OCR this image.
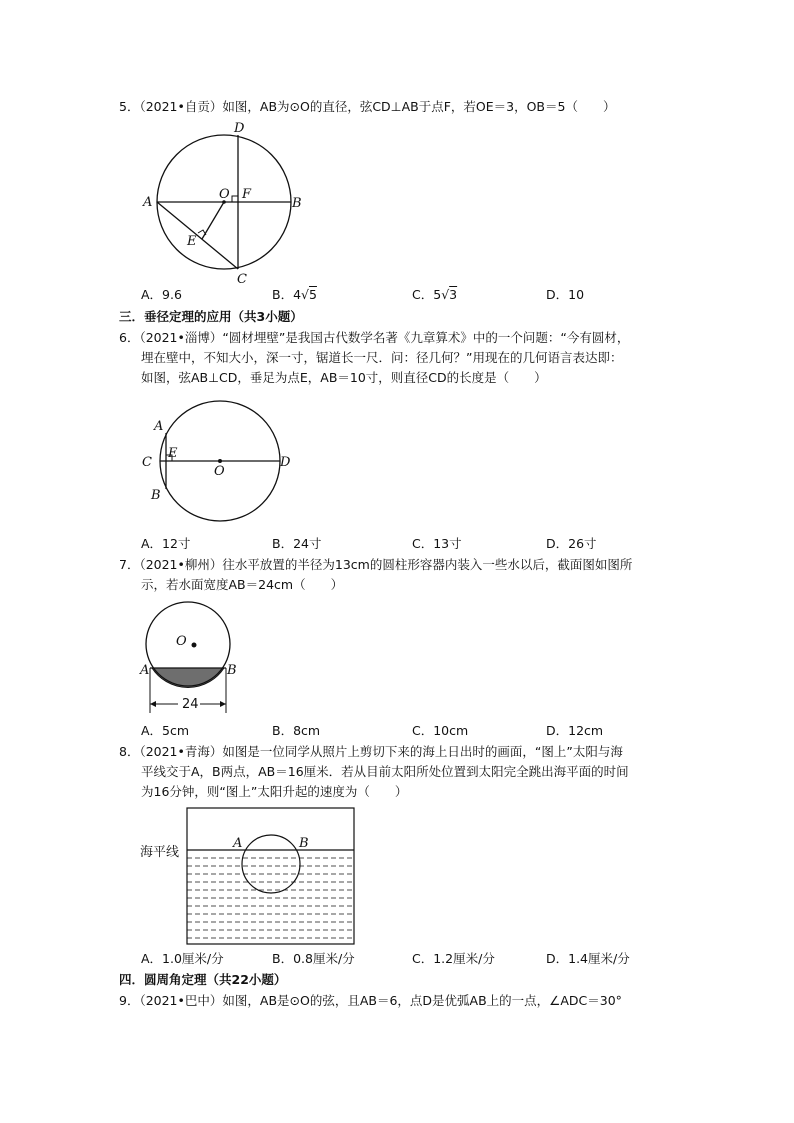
5．（2021•自贡）如图，AB为⊙O的直径，弦CD⊥AB于点F，若OE＝3，OB＝5（　　）
D
A	B
C
O F
E
A．9.6	B．4√5	C．5√3	D．10
三．垂径定理的应用（共3小题）
6．（2021•淄博）“圆材埋壁”是我国古代数学名著《九章算术》中的一个问题：“今有圆材，
埋在壁中，不知大小，深一寸，锯道长一尺．问：径几何？”用现在的几何语言表达即：
如图，弦AB⊥CD，垂足为点E，AB＝10寸，则直径CD的长度是（　　）
A
E
C	D
O
B
A．12寸	B．24寸	C．13寸	D．26寸
7．（2021•柳州）往水平放置的半径为13cm的圆柱形容器内装入一些水以后，截面图如图所
示，若水面宽度AB＝24cm（　　）
O
A	B
24
A．5cm	B．8cm	C．10cm	D．12cm
8．（2021•青海）如图是一位同学从照片上剪切下来的海上日出时的画面，“图上”太阳与海
平线交于A，B两点，AB＝16厘米．若从目前太阳所处位置到太阳完全跳出海平面的时间
为16分钟，则“图上”太阳升起的速度为（　　）
海平线
A	B
A．1.0厘米/分	B．0.8厘米/分	C．1.2厘米/分	D．1.4厘米/分
四．圆周角定理（共22小题）
9．（2021•巴中）如图，AB是⊙O的弦，且AB＝6，点D是优弧AB上的一点，∠ADC＝30°
